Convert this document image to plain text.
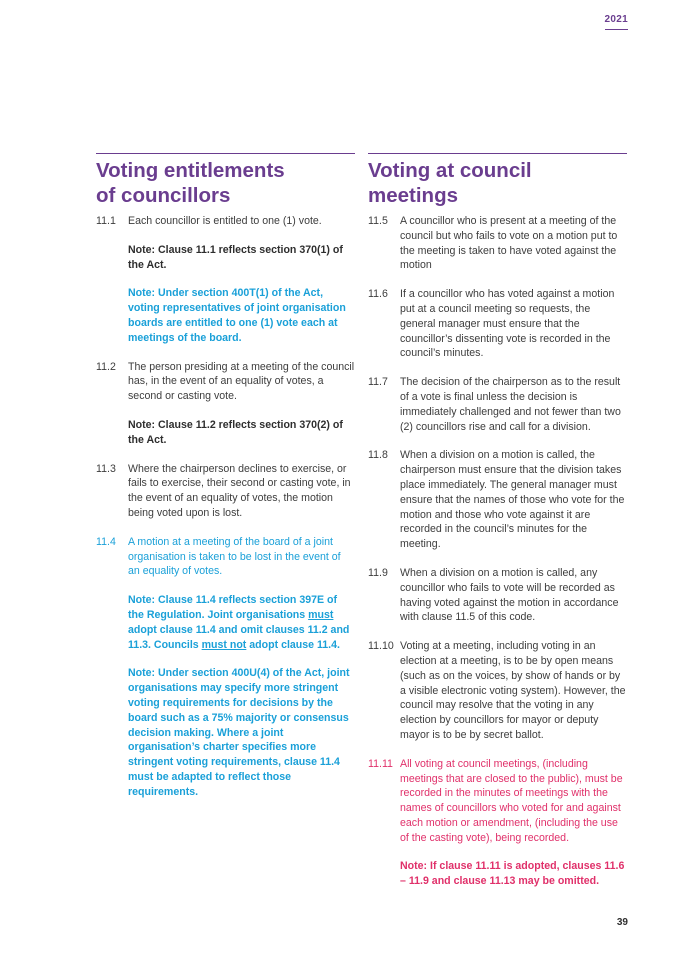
2021
Voting entitlements
of councillors
11.1	Each councillor is entitled to one (1) vote.
Note: Clause 11.1 reflects section 370(1) of the Act.
Note: Under section 400T(1) of the Act, voting representatives of joint organisation boards are entitled to one (1) vote each at meetings of the board.
11.2	The person presiding at a meeting of the council has, in the event of an equality of votes, a second or casting vote.
Note: Clause 11.2 reflects section 370(2) of the Act.
11.3	Where the chairperson declines to exercise, or fails to exercise, their second or casting vote, in the event of an equality of votes, the motion being voted upon is lost.
11.4	A motion at a meeting of the board of a joint organisation is taken to be lost in the event of an equality of votes.
Note: Clause 11.4 reflects section 397E of the Regulation. Joint organisations must adopt clause 11.4 and omit clauses 11.2 and 11.3. Councils must not adopt clause 11.4.
Note: Under section 400U(4) of the Act, joint organisations may specify more stringent voting requirements for decisions by the board such as a 75% majority or consensus decision making. Where a joint organisation’s charter specifies more stringent voting requirements, clause 11.4 must be adapted to reflect those requirements.
Voting at council
meetings
11.5	A councillor who is present at a meeting of the council but who fails to vote on a motion put to the meeting is taken to have voted against the motion
11.6	If a councillor who has voted against a motion put at a council meeting so requests, the general manager must ensure that the councillor’s dissenting vote is recorded in the council’s minutes.
11.7	The decision of the chairperson as to the result of a vote is final unless the decision is immediately challenged and not fewer than two (2) councillors rise and call for a division.
11.8	When a division on a motion is called, the chairperson must ensure that the division takes place immediately. The general manager must ensure that the names of those who vote for the motion and those who vote against it are recorded in the council’s minutes for the meeting.
11.9	When a division on a motion is called, any councillor who fails to vote will be recorded as having voted against the motion in accordance with clause 11.5 of this code.
11.10 Voting at a meeting, including voting in an election at a meeting, is to be by open means (such as on the voices, by show of hands or by a visible electronic voting system). However, the council may resolve that the voting in any election by councillors for mayor or deputy mayor is to be by secret ballot.
11.11 All voting at council meetings, (including meetings that are closed to the public), must be recorded in the minutes of meetings with the names of councillors who voted for and against each motion or amendment, (including the use of the casting vote), being recorded.
Note: If clause 11.11 is adopted, clauses 11.6 – 11.9 and clause 11.13 may be omitted.
39
